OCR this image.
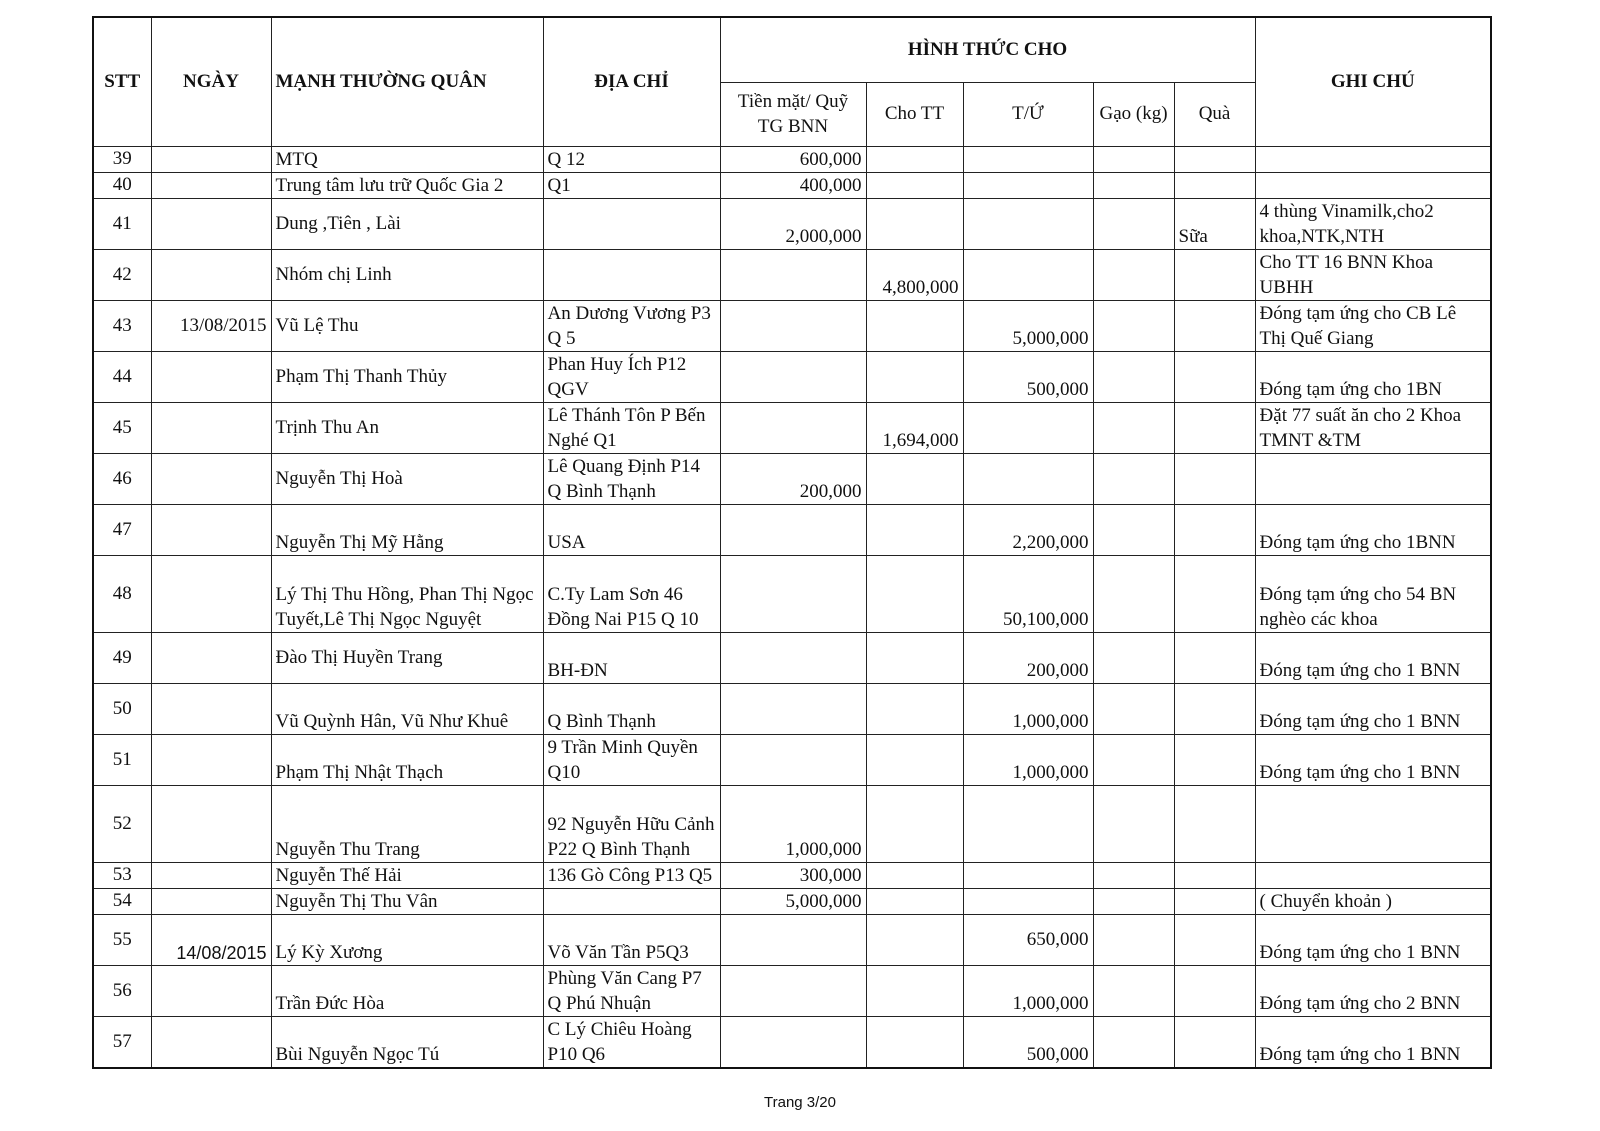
STT	NGÀY	MẠNH THƯỜNG QUÂN	ĐỊA CHỈ	HÌNH THỨC CHO					GHI CHÚ
				Tiền mặt/ Quỹ TG BNN	Cho TT	T/Ứ	Gạo (kg)	Quà	
39		MTQ	Q 12	600,000					
40		Trung tâm lưu trữ Quốc Gia 2	Q1	400,000					
41		Dung ,Tiên , Lài		2,000,000				Sữa	4 thùng Vinamilk,cho2 khoa,NTK,NTH
42		Nhóm chị Linh			4,800,000				Cho TT 16 BNN Khoa UBHH
43	13/08/2015	Vũ Lệ Thu	An Dương Vương P3 Q 5			5,000,000			Đóng tạm ứng cho CB Lê Thị Quế Giang
44		Phạm Thị Thanh Thủy	Phan Huy Ích P12 QGV			500,000			Đóng tạm ứng cho 1BN
45		Trịnh Thu An	Lê Thánh Tôn P Bến Nghé Q1		1,694,000				Đặt 77 suất ăn cho 2 Khoa TMNT &TM
46		Nguyễn Thị Hoà	Lê Quang Định P14 Q Bình Thạnh	200,000					
47		Nguyễn Thị Mỹ Hằng	USA			2,200,000			Đóng tạm ứng cho 1BNN
48		Lý Thị Thu Hồng, Phan Thị Ngọc Tuyết,Lê Thị Ngọc Nguyệt	C.Ty Lam Sơn 46 Đồng Nai P15 Q 10			50,100,000			Đóng tạm ứng cho 54 BN nghèo các khoa
49		Đào Thị Huyền Trang	BH-ĐN			200,000			Đóng tạm ứng cho 1 BNN
50		Vũ Quỳnh Hân, Vũ Như Khuê	Q Bình Thạnh			1,000,000			Đóng tạm ứng cho 1 BNN
51		Phạm Thị Nhật Thạch	9 Trần Minh Quyền Q10			1,000,000			Đóng tạm ứng cho 1 BNN
52		Nguyễn Thu Trang	92 Nguyễn Hữu Cảnh P22 Q Bình Thạnh	1,000,000					
53		Nguyễn Thế Hải	136 Gò Công P13 Q5	300,000					
54		Nguyễn Thị Thu Vân		5,000,000					( Chuyển khoản )
55	14/08/2015	Lý Kỳ Xương	Võ Văn Tần P5Q3			650,000			Đóng tạm ứng cho 1 BNN
56		Trần Đức Hòa	Phùng Văn Cang P7 Q Phú Nhuận			1,000,000			Đóng tạm ứng cho 2 BNN
57		Bùi Nguyễn Ngọc Tú	C Lý Chiêu Hoàng P10 Q6			500,000			Đóng tạm ứng cho 1 BNN
Trang 3/20
